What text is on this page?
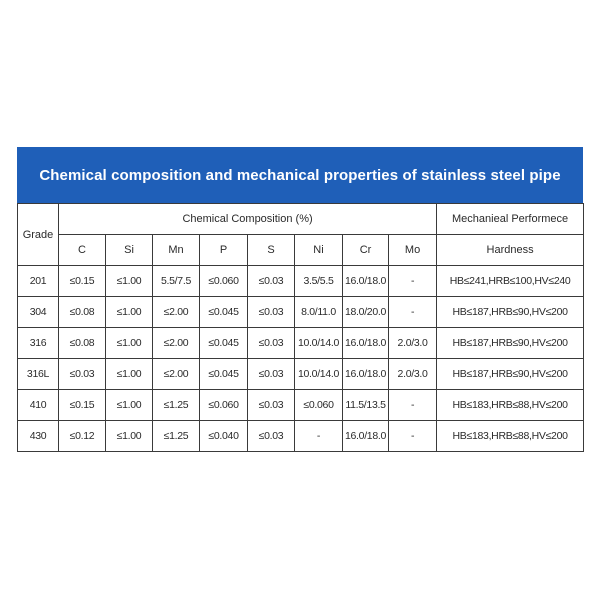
Chemical composition and mechanical properties of stainless steel pipe
Grade	Chemical Composition (%)								Mechanieal Performece
	C	Si	Mn	P	S	Ni	Cr	Mo	Hardness
201	≤0.15	≤1.00	5.5/7.5	≤0.060	≤0.03	3.5/5.5	16.0/18.0	-	HB≤241,HRB≤100,HV≤240
304	≤0.08	≤1.00	≤2.00	≤0.045	≤0.03	8.0/11.0	18.0/20.0	-	HB≤187,HRB≤90,HV≤200
316	≤0.08	≤1.00	≤2.00	≤0.045	≤0.03	10.0/14.0	16.0/18.0	2.0/3.0	HB≤187,HRB≤90,HV≤200
316L	≤0.03	≤1.00	≤2.00	≤0.045	≤0.03	10.0/14.0	16.0/18.0	2.0/3.0	HB≤187,HRB≤90,HV≤200
410	≤0.15	≤1.00	≤1.25	≤0.060	≤0.03	≤0.060	11.5/13.5	-	HB≤183,HRB≤88,HV≤200
430	≤0.12	≤1.00	≤1.25	≤0.040	≤0.03	-	16.0/18.0	-	HB≤183,HRB≤88,HV≤200
